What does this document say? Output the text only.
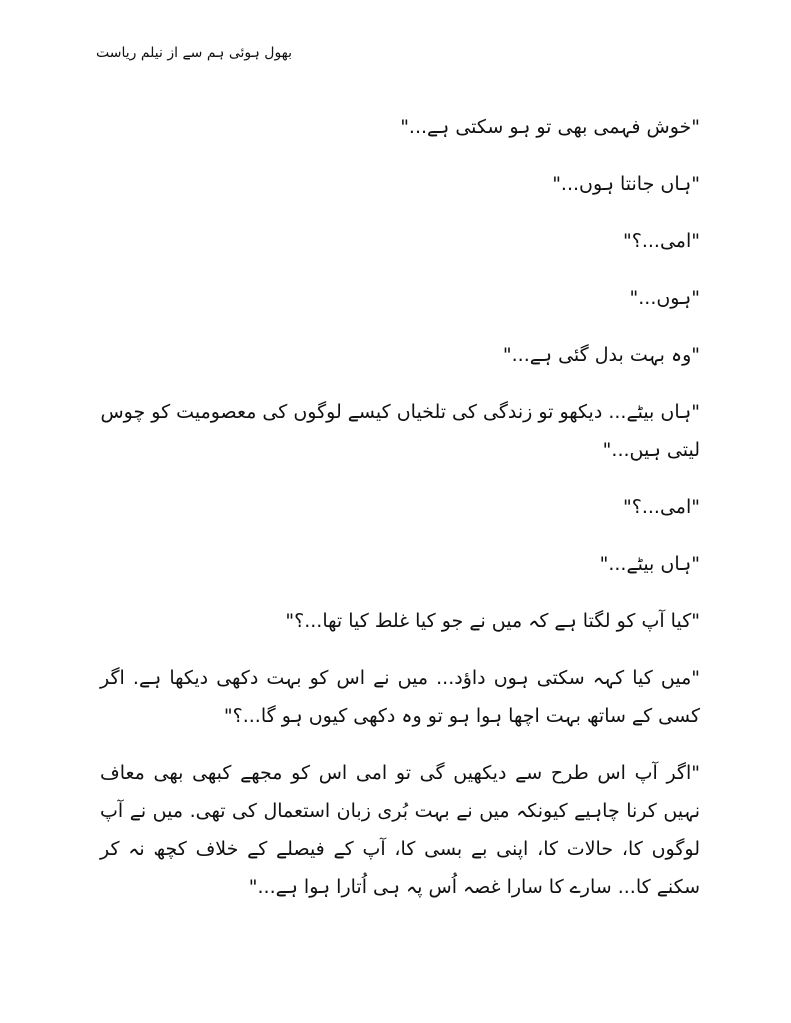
بھول ہوئی ہم سے از نیلم ریاست

"خوش فہمی بھی تو ہو سکتی ہے..."

"ہاں جانتا ہوں..."

"امی...؟"

"ہوں..."

"وہ بہت بدل گئی ہے..."

"ہاں بیٹے... دیکھو تو زندگی کی تلخیاں کیسے لوگوں کی معصومیت کو چوس لیتی ہیں..."

"امی...؟"

"ہاں بیٹے..."

"کیا آپ کو لگتا ہے کہ میں نے جو کیا غلط کیا تھا...؟"

"میں کیا کہہ سکتی ہوں داؤد... میں نے اس کو بہت دکھی دیکھا ہے. اگر کسی کے ساتھ بہت اچھا ہوا ہو تو وہ دکھی کیوں ہو گا...؟"

"اگر آپ اس طرح سے دیکھیں گی تو امی اس کو مجھے کبھی بھی معاف نہیں کرنا چاہیے کیونکہ میں نے بہت بُری زبان استعمال کی تھی. میں نے آپ لوگوں کا، حالات کا، اپنی بے بسی کا، آپ کے فیصلے کے خلاف کچھ نہ کر سکنے کا... سارے کا سارا غصہ اُس پہ ہی اُتارا ہوا ہے..."
